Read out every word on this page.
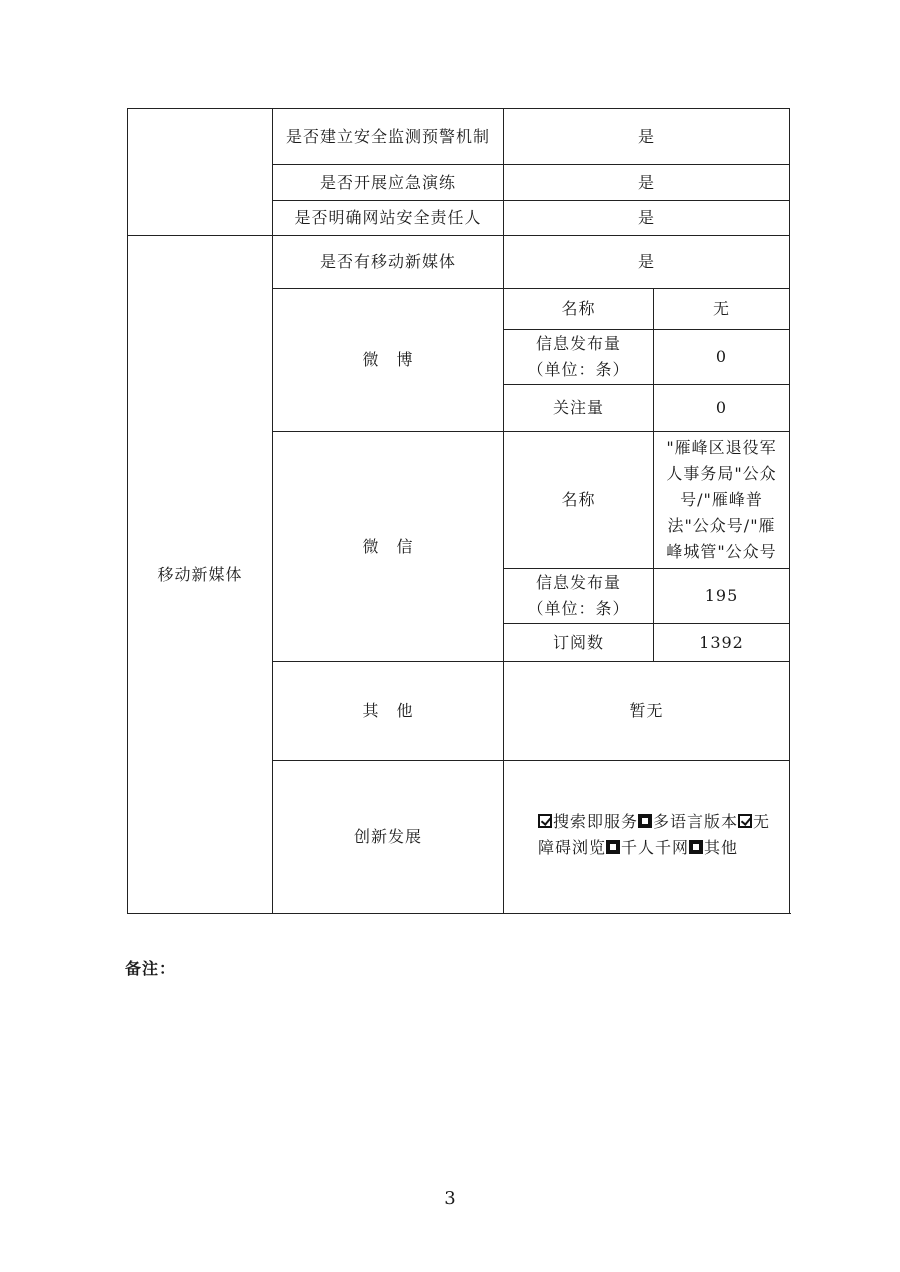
	是否建立安全监测预警机制	是	
	是否开展应急演练	是	
	是否明确网站安全责任人	是	
移动新媒体	是否有移动新媒体	是	
	微　博	名称	无
		信息发布量（单位：条）	0
		关注量	0
	微　信	名称	"雁峰区退役军人事务局"公众号/"雁峰普法"公众号/"雁峰城管"公众号
		信息发布量（单位：条）	195
		订阅数	1392
	其　他	暂无	
	创新发展	搜索即服务 多语言版本 无障碍浏览 千人千网 其他	
备注：
3
